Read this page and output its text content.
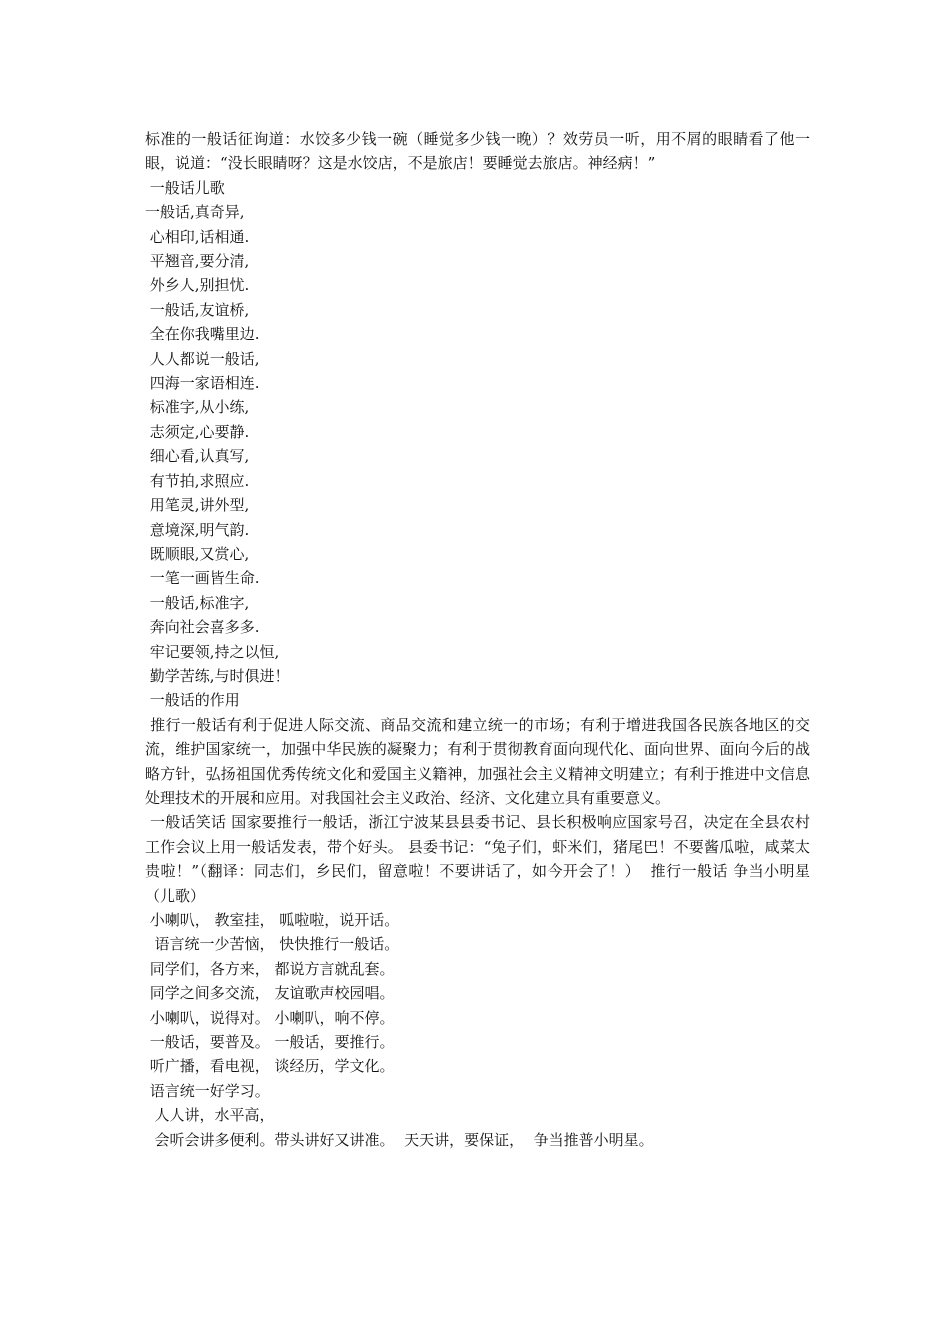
标准的一般话征询道：水饺多少钱一碗（睡觉多少钱一晚）？效劳员一听，用不屑的眼睛看了他一眼，说道：“没长眼睛呀？这是水饺店，不是旅店！要睡觉去旅店。神经病！”

一般话儿歌
一般话,真奇异,
心相印,话相通.
平翘音,要分清,
外乡人,别担忧.
一般话,友谊桥,
全在你我嘴里边.
人人都说一般话,
四海一家语相连.
标准字,从小练,
志须定,心要静.
细心看,认真写,
有节拍,求照应.
用笔灵,讲外型,
意境深,明气韵.
既顺眼,又赏心,
一笔一画皆生命.
一般话,标准字,
奔向社会喜多多.
牢记要领,持之以恒,
勤学苦练,与时俱进！
一般话的作用

推行一般话有利于促进人际交流、商品交流和建立统一的市场；有利于增进我国各民族各地区的交流，维护国家统一，加强中华民族的凝聚力；有利于贯彻教育面向现代化、面向世界、面向今后的战略方针，弘扬祖国优秀传统文化和爱国主义籍神，加强社会主义精神文明建立；有利于推进中文信息处理技术的开展和应用。对我国社会主义政治、经济、文化建立具有重要意义。

一般话笑话 国家要推行一般话，浙江宁波某县县委书记、县长积极响应国家号召，决定在全县农村工作会议上用一般话发表，带个好头。 县委书记：“兔子们，虾米们，猪尾巴！不要酱瓜啦，咸菜太贵啦！”（翻译：同志们，乡民们，留意啦！不要讲话了，如今开会了！）  推行一般话 争当小明星 （儿歌）

小喇叭， 教室挂， 呱啦啦，说开话。
语言统一少苦恼， 快快推行一般话。
同学们，各方来， 都说方言就乱套。
同学之间多交流， 友谊歌声校园唱。
小喇叭，说得对。 小喇叭，响不停。
一般话，要普及。 一般话，要推行。
听广播，看电视， 谈经历，学文化。
语言统一好学习。
人人讲，水平高，
会听会讲多便利。带头讲好又讲准。  天天讲，要保证，  争当推普小明星。
